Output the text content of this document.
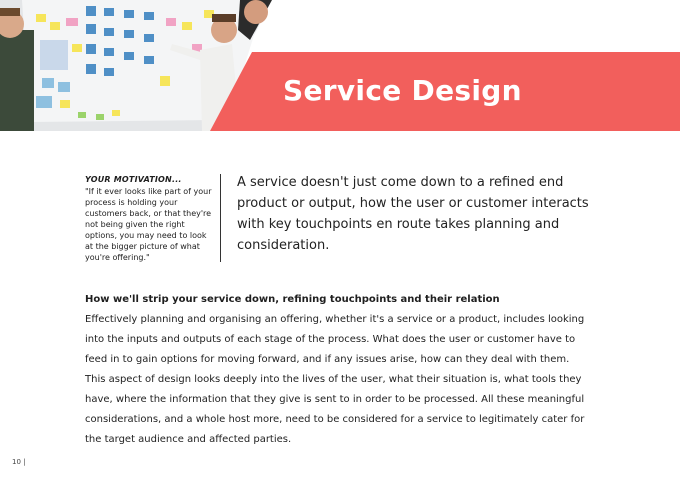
Service Design
YOUR MOTIVATION...
"If it ever looks like part of your process is holding your customers back, or that they're not being given the right options, you may need to look at the bigger picture of what you're offering."
A service doesn't just come down to a refined end product or output, how the user or customer interacts with key touchpoints en route takes planning and consideration.
How we'll strip your service down, refining touchpoints and their relation
Effectively planning and organising an offering, whether it's a service or a product, includes looking into the inputs and outputs of each stage of the process. What does the user or customer have to feed in to gain options for moving forward, and if any issues arise, how can they deal with them. This aspect of design looks deeply into the lives of the user, what their situation is, what tools they have, where the information that they give is sent to in order to be processed. All these meaningful considerations, and a whole host more, need to be considered for a service to legitimately cater for the target audience and affected parties.
10 |
